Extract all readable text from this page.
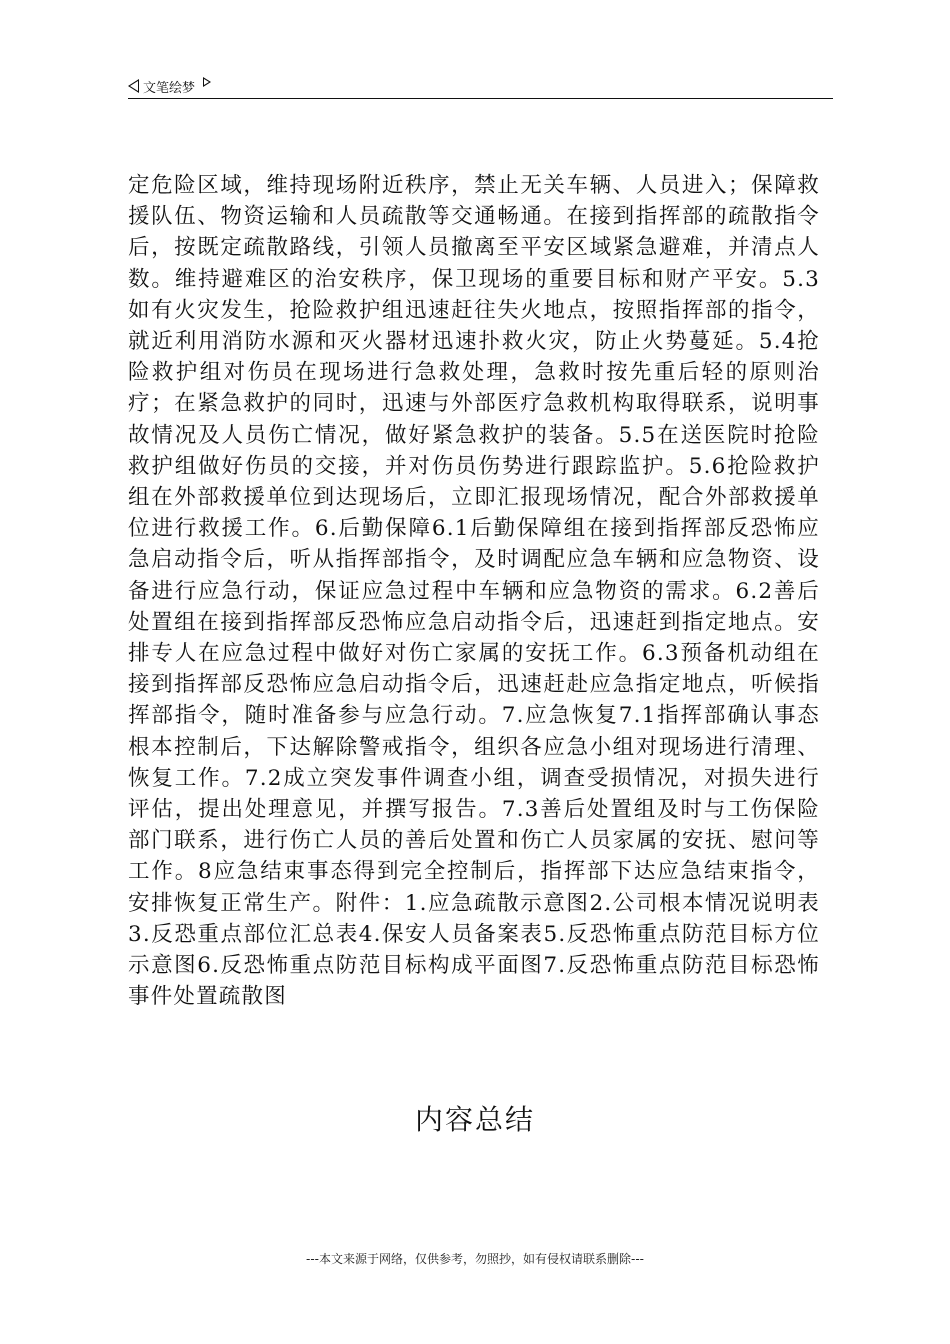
文笔绘梦
定危险区域，维持现场附近秩序，禁止无关车辆、人员进入；保障救援队伍、物资运输和人员疏散等交通畅通。在接到指挥部的疏散指令后，按既定疏散路线，引领人员撤离至平安区域紧急避难，并清点人数。维持避难区的治安秩序，保卫现场的重要目标和财产平安。5.3如有火灾发生，抢险救护组迅速赶往失火地点，按照指挥部的指令，就近利用消防水源和灭火器材迅速扑救火灾，防止火势蔓延。5.4抢险救护组对伤员在现场进行急救处理，急救时按先重后轻的原则治疗；在紧急救护的同时，迅速与外部医疗急救机构取得联系，说明事故情况及人员伤亡情况，做好紧急救护的装备。5.5在送医院时抢险救护组做好伤员的交接，并对伤员伤势进行跟踪监护。5.6抢险救护组在外部救援单位到达现场后，立即汇报现场情况，配合外部救援单位进行救援工作。6.后勤保障6.1后勤保障组在接到指挥部反恐怖应急启动指令后，听从指挥部指令，及时调配应急车辆和应急物资、设备进行应急行动，保证应急过程中车辆和应急物资的需求。6.2善后处置组在接到指挥部反恐怖应急启动指令后，迅速赶到指定地点。安排专人在应急过程中做好对伤亡家属的安抚工作。6.3预备机动组在接到指挥部反恐怖应急启动指令后，迅速赶赴应急指定地点，听候指挥部指令，随时准备参与应急行动。7.应急恢复7.1指挥部确认事态根本控制后，下达解除警戒指令，组织各应急小组对现场进行清理、恢复工作。7.2成立突发事件调查小组，调查受损情况，对损失进行评估，提出处理意见，并撰写报告。7.3善后处置组及时与工伤保险部门联系，进行伤亡人员的善后处置和伤亡人员家属的安抚、慰问等工作。8应急结束事态得到完全控制后，指挥部下达应急结束指令，安排恢复正常生产。附件：1.应急疏散示意图2.公司根本情况说明表3.反恐重点部位汇总表4.保安人员备案表5.反恐怖重点防范目标方位示意图6.反恐怖重点防范目标构成平面图7.反恐怖重点防范目标恐怖事件处置疏散图
内容总结
---本文来源于网络，仅供参考，勿照抄，如有侵权请联系删除---
